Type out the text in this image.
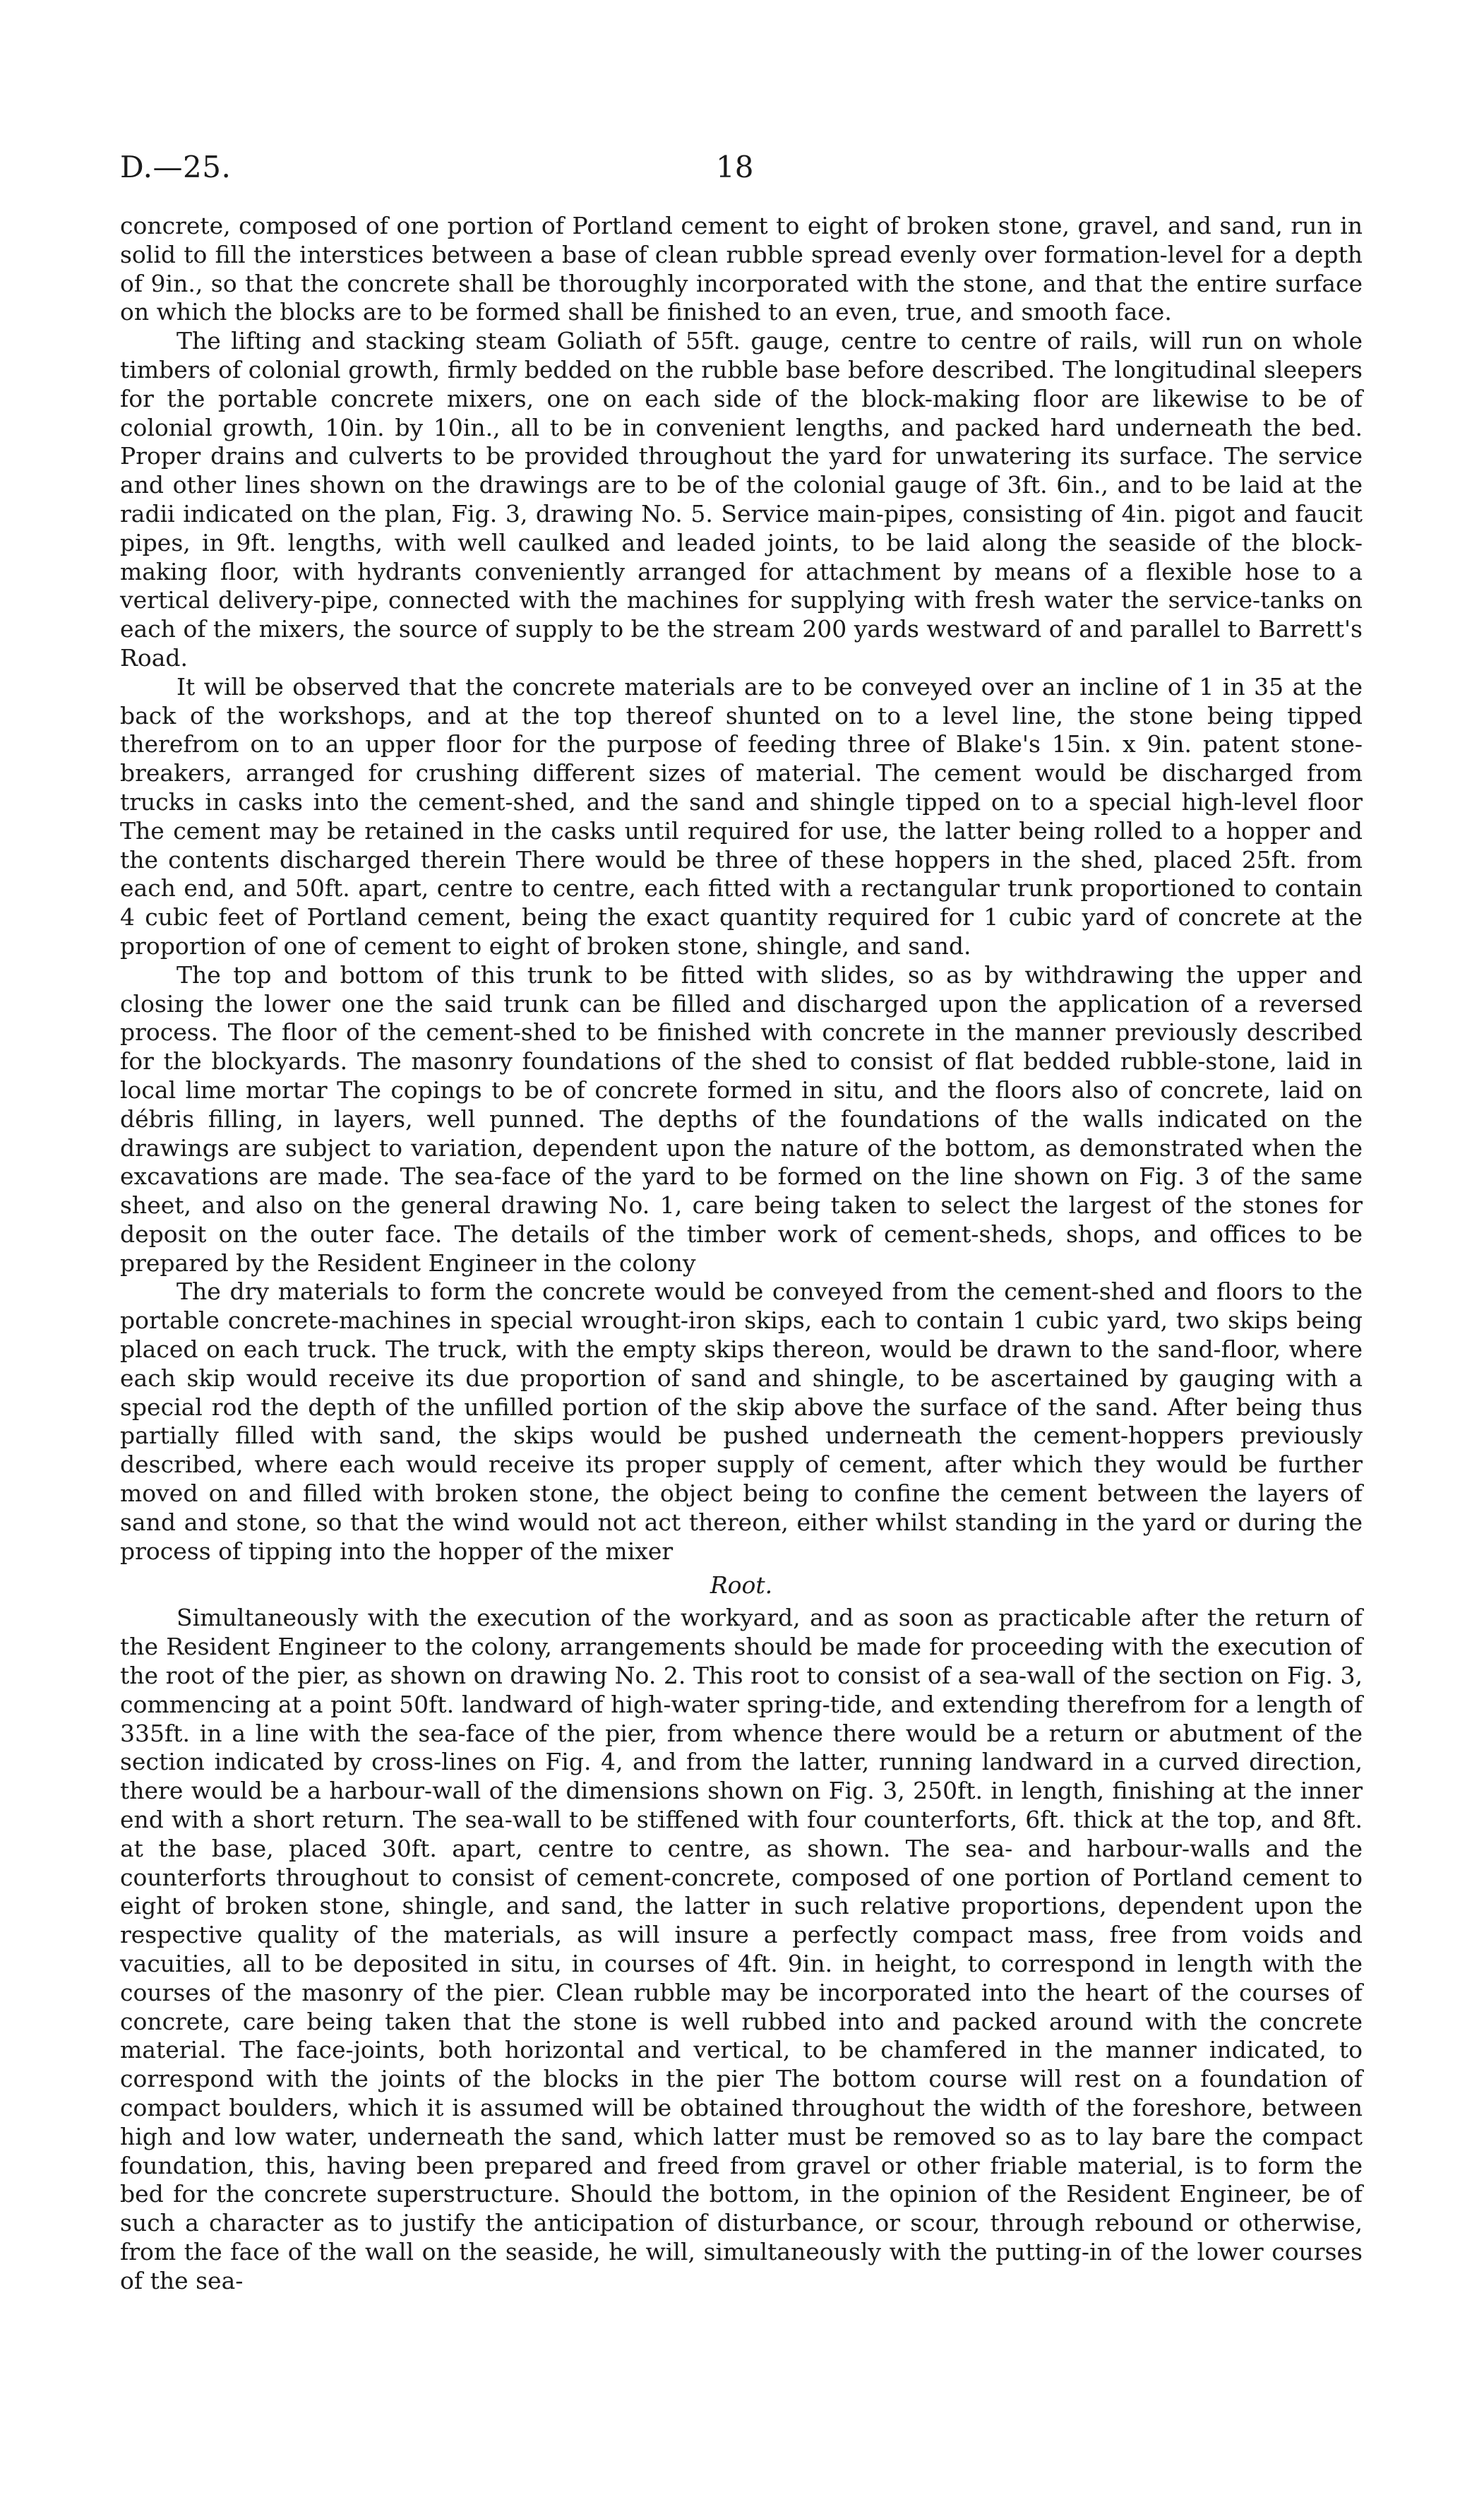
D.—25.	18

concrete, composed of one portion of Portland cement to eight of broken stone, gravel, and sand, run in solid to fill the interstices between a base of clean rubble spread evenly over formation-level for a depth of 9in., so that the concrete shall be thoroughly incorporated with the stone, and that the entire surface on which the blocks are to be formed shall be finished to an even, true, and smooth face.

The lifting and stacking steam Goliath of 55ft. gauge, centre to centre of rails, will run on whole timbers of colonial growth, firmly bedded on the rubble base before described. The longitudinal sleepers for the portable concrete mixers, one on each side of the block-making floor are likewise to be of colonial growth, 10in. by 10in., all to be in convenient lengths, and packed hard underneath the bed. Proper drains and culverts to be provided throughout the yard for unwatering its surface. The service and other lines shown on the drawings are to be of the colonial gauge of 3ft. 6in., and to be laid at the radii indicated on the plan, Fig. 3, drawing No. 5. Service main-pipes, consisting of 4in. pigot and faucit pipes, in 9ft. lengths, with well caulked and leaded joints, to be laid along the seaside of the block-making floor, with hydrants conveniently arranged for attachment by means of a flexible hose to a vertical delivery-pipe, connected with the machines for supplying with fresh water the service-tanks on each of the mixers, the source of supply to be the stream 200 yards westward of and parallel to Barrett's Road.

It will be observed that the concrete materials are to be conveyed over an incline of 1 in 35 at the back of the workshops, and at the top thereof shunted on to a level line, the stone being tipped therefrom on to an upper floor for the purpose of feeding three of Blake's 15in. x 9in. patent stone-breakers, arranged for crushing different sizes of material. The cement would be discharged from trucks in casks into the cement-shed, and the sand and shingle tipped on to a special high-level floor The cement may be retained in the casks until required for use, the latter being rolled to a hopper and the contents discharged therein There would be three of these hoppers in the shed, placed 25ft. from each end, and 50ft. apart, centre to centre, each fitted with a rectangular trunk proportioned to contain 4 cubic feet of Portland cement, being the exact quantity required for 1 cubic yard of concrete at the proportion of one of cement to eight of broken stone, shingle, and sand.

The top and bottom of this trunk to be fitted with slides, so as by withdrawing the upper and closing the lower one the said trunk can be filled and discharged upon the application of a reversed process. The floor of the cement-shed to be finished with concrete in the manner previously described for the blockyards. The masonry foundations of the shed to consist of flat bedded rubble-stone, laid in local lime mortar The copings to be of concrete formed in situ, and the floors also of concrete, laid on débris filling, in layers, well punned. The depths of the foundations of the walls indicated on the drawings are subject to variation, dependent upon the nature of the bottom, as demonstrated when the excavations are made. The sea-face of the yard to be formed on the line shown on Fig. 3 of the same sheet, and also on the general drawing No. 1, care being taken to select the largest of the stones for deposit on the outer face. The details of the timber work of cement-sheds, shops, and offices to be prepared by the Resident Engineer in the colony

The dry materials to form the concrete would be conveyed from the cement-shed and floors to the portable concrete-machines in special wrought-iron skips, each to contain 1 cubic yard, two skips being placed on each truck. The truck, with the empty skips thereon, would be drawn to the sand-floor, where each skip would receive its due proportion of sand and shingle, to be ascertained by gauging with a special rod the depth of the unfilled portion of the skip above the surface of the sand. After being thus partially filled with sand, the skips would be pushed underneath the cement-hoppers previously described, where each would receive its proper supply of cement, after which they would be further moved on and filled with broken stone, the object being to confine the cement between the layers of sand and stone, so that the wind would not act thereon, either whilst standing in the yard or during the process of tipping into the hopper of the mixer

Root.

Simultaneously with the execution of the workyard, and as soon as practicable after the return of the Resident Engineer to the colony, arrangements should be made for proceeding with the execution of the root of the pier, as shown on drawing No. 2. This root to consist of a sea-wall of the section on Fig. 3, commencing at a point 50ft. landward of high-water spring-tide, and extending therefrom for a length of 335ft. in a line with the sea-face of the pier, from whence there would be a return or abutment of the section indicated by cross-lines on Fig. 4, and from the latter, running landward in a curved direction, there would be a harbour-wall of the dimensions shown on Fig. 3, 250ft. in length, finishing at the inner end with a short return. The sea-wall to be stiffened with four counterforts, 6ft. thick at the top, and 8ft. at the base, placed 30ft. apart, centre to centre, as shown. The sea- and harbour-walls and the counterforts throughout to consist of cement-concrete, composed of one portion of Portland cement to eight of broken stone, shingle, and sand, the latter in such relative proportions, dependent upon the respective quality of the materials, as will insure a perfectly compact mass, free from voids and vacuities, all to be deposited in situ, in courses of 4ft. 9in. in height, to correspond in length with the courses of the masonry of the pier. Clean rubble may be incorporated into the heart of the courses of concrete, care being taken that the stone is well rubbed into and packed around with the concrete material. The face-joints, both horizontal and vertical, to be chamfered in the manner indicated, to correspond with the joints of the blocks in the pier The bottom course will rest on a foundation of compact boulders, which it is assumed will be obtained throughout the width of the foreshore, between high and low water, underneath the sand, which latter must be removed so as to lay bare the compact foundation, this, having been prepared and freed from gravel or other friable material, is to form the bed for the concrete superstructure. Should the bottom, in the opinion of the Resident Engineer, be of such a character as to justify the anticipation of disturbance, or scour, through rebound or otherwise, from the face of the wall on the seaside, he will, simultaneously with the putting-in of the lower courses of the sea-
